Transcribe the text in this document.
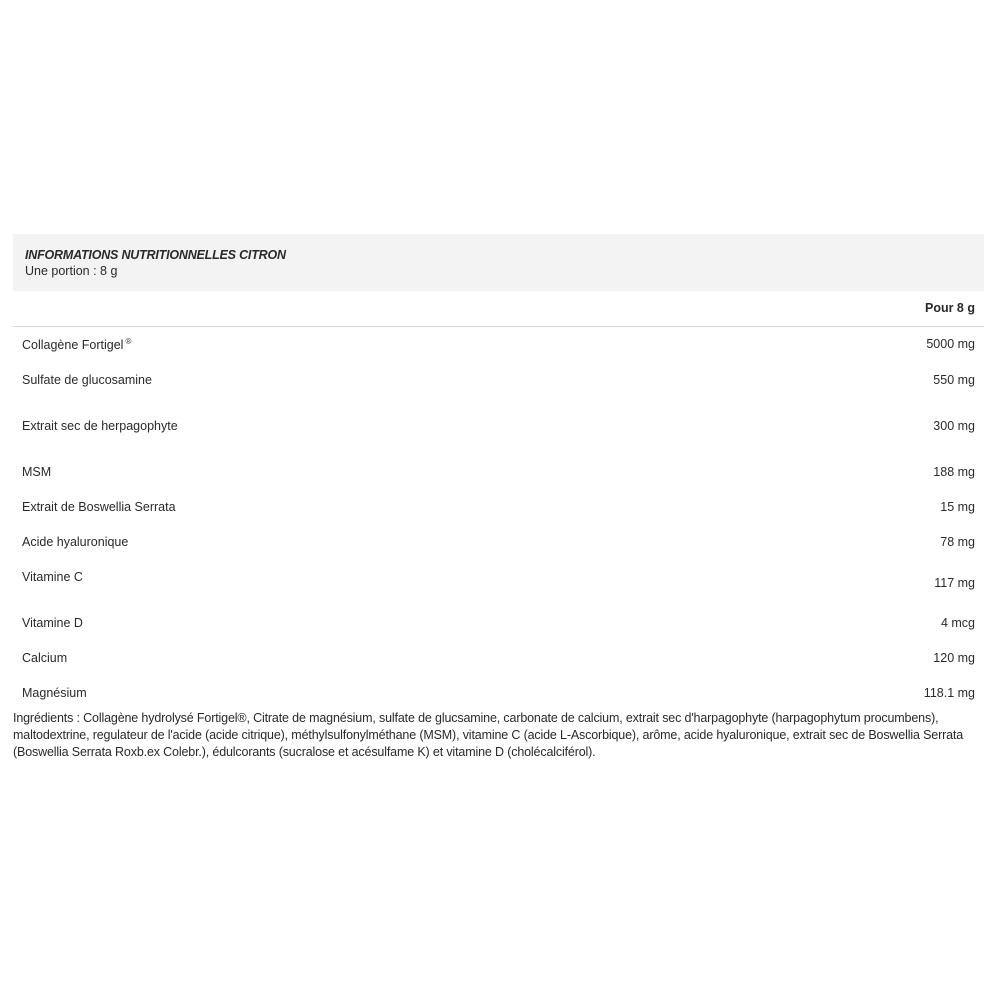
INFORMATIONS NUTRITIONNELLES CITRON
Une portion : 8 g
Pour 8 g
Collagène Fortigel ®	5000 mg
Sulfate de glucosamine	550 mg
Extrait sec de herpagophyte	300 mg
MSM	188 mg
Extrait de Boswellia Serrata	15 mg
Acide hyaluronique	78 mg
Vitamine C	117 mg
Vitamine D	4 mcg
Calcium	120 mg
Magnésium	118.1 mg
Ingrédients : Collagène hydrolysé Fortigel®, Citrate de magnésium, sulfate de glucsamine, carbonate de calcium, extrait sec d'harpagophyte (harpagophytum procumbens), maltodextrine, regulateur de l'acide (acide citrique), méthylsulfonylméthane (MSM), vitamine C (acide L-Ascorbique), arôme, acide hyaluronique, extrait sec de Boswellia Serrata (Boswellia Serrata Roxb.ex Colebr.), édulcorants (sucralose et acésulfame K) et vitamine D (cholécalciférol).
